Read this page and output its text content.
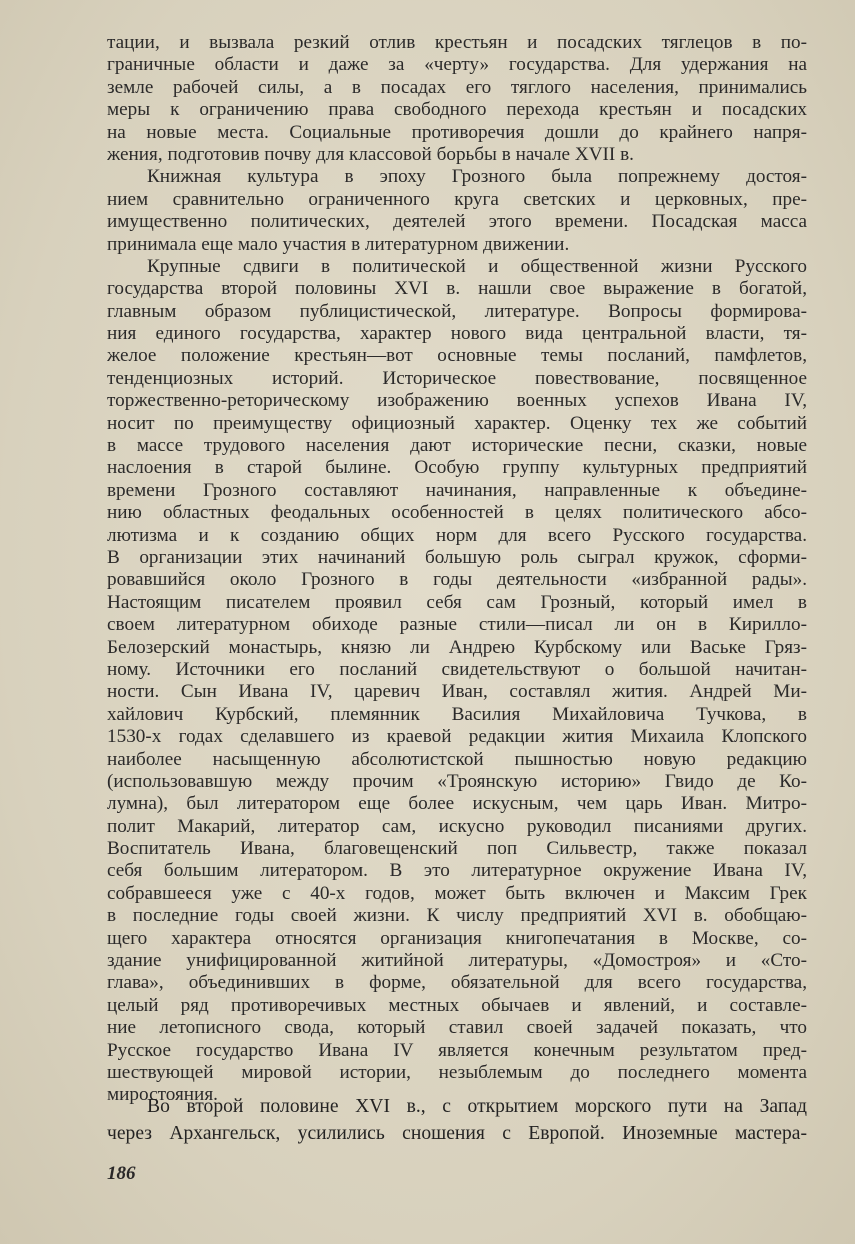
тации, и вызвала резкий отлив крестьян и посадских тяглецов в по-
граничные области и даже за «черту» государства. Для удержания на
земле рабочей силы, а в посадах его тяглого населения, принимались
меры к ограничению права свободного перехода крестьян и посадских
на новые места. Социальные противоречия дошли до крайнего напря-
жения, подготовив почву для классовой борьбы в начале XVII в.
Книжная культура в эпоху Грозного была попрежнему достоя-
нием сравнительно ограниченного круга светских и церковных, пре-
имущественно политических, деятелей этого времени. Посадская масса
принимала еще мало участия в литературном движении.
Крупные сдвиги в политической и общественной жизни Русского
государства второй половины XVI в. нашли свое выражение в богатой,
главным образом публицистической, литературе. Вопросы формирова-
ния единого государства, характер нового вида центральной власти, тя-
желое положение крестьян—вот основные темы посланий, памфлетов,
тенденциозных историй. Историческое повествование, посвященное
торжественно-реторическому изображению военных успехов Ивана IV,
носит по преимуществу официозный характер. Оценку тех же событий
в массе трудового населения дают исторические песни, сказки, новые
наслоения в старой былине. Особую группу культурных предприятий
времени Грозного составляют начинания, направленные к объедине-
нию областных феодальных особенностей в целях политического абсо-
лютизма и к созданию общих норм для всего Русского государства.
В организации этих начинаний большую роль сыграл кружок, сформи-
ровавшийся около Грозного в годы деятельности «избранной рады».
Настоящим писателем проявил себя сам Грозный, который имел в
своем литературном обиходе разные стили—писал ли он в Кирилло-
Белозерский монастырь, князю ли Андрею Курбскому или Ваське Гряз-
ному. Источники его посланий свидетельствуют о большой начитан-
ности. Сын Ивана IV, царевич Иван, составлял жития. Андрей Ми-
хайлович Курбский, племянник Василия Михайловича Тучкова, в
1530-х годах сделавшего из краевой редакции жития Михаила Клопского
наиболее насыщенную абсолютистской пышностью новую редакцию
(использовавшую между прочим «Троянскую историю» Гвидо де Ко-
лумна), был литератором еще более искусным, чем царь Иван. Митро-
полит Макарий, литератор сам, искусно руководил писаниями других.
Воспитатель Ивана, благовещенский поп Сильвестр, также показал
себя большим литератором. В это литературное окружение Ивана IV,
собравшееся уже с 40-х годов, может быть включен и Максим Грек
в последние годы своей жизни. К числу предприятий XVI в. обобщаю-
щего характера относятся организация книгопечатания в Москве, со-
здание унифицированной житийной литературы, «Домостроя» и «Сто-
глава», объединивших в форме, обязательной для всего государства,
целый ряд противоречивых местных обычаев и явлений, и составле-
ние летописного свода, который ставил своей задачей показать, что
Русское государство Ивана IV является конечным результатом пред-
шествующей мировой истории, незыблемым до последнего момента
миростояния.
Во второй половине XVI в., с открытием морского пути на Запад
через Архангельск, усилились сношения с Европой. Иноземные мастера-
186
